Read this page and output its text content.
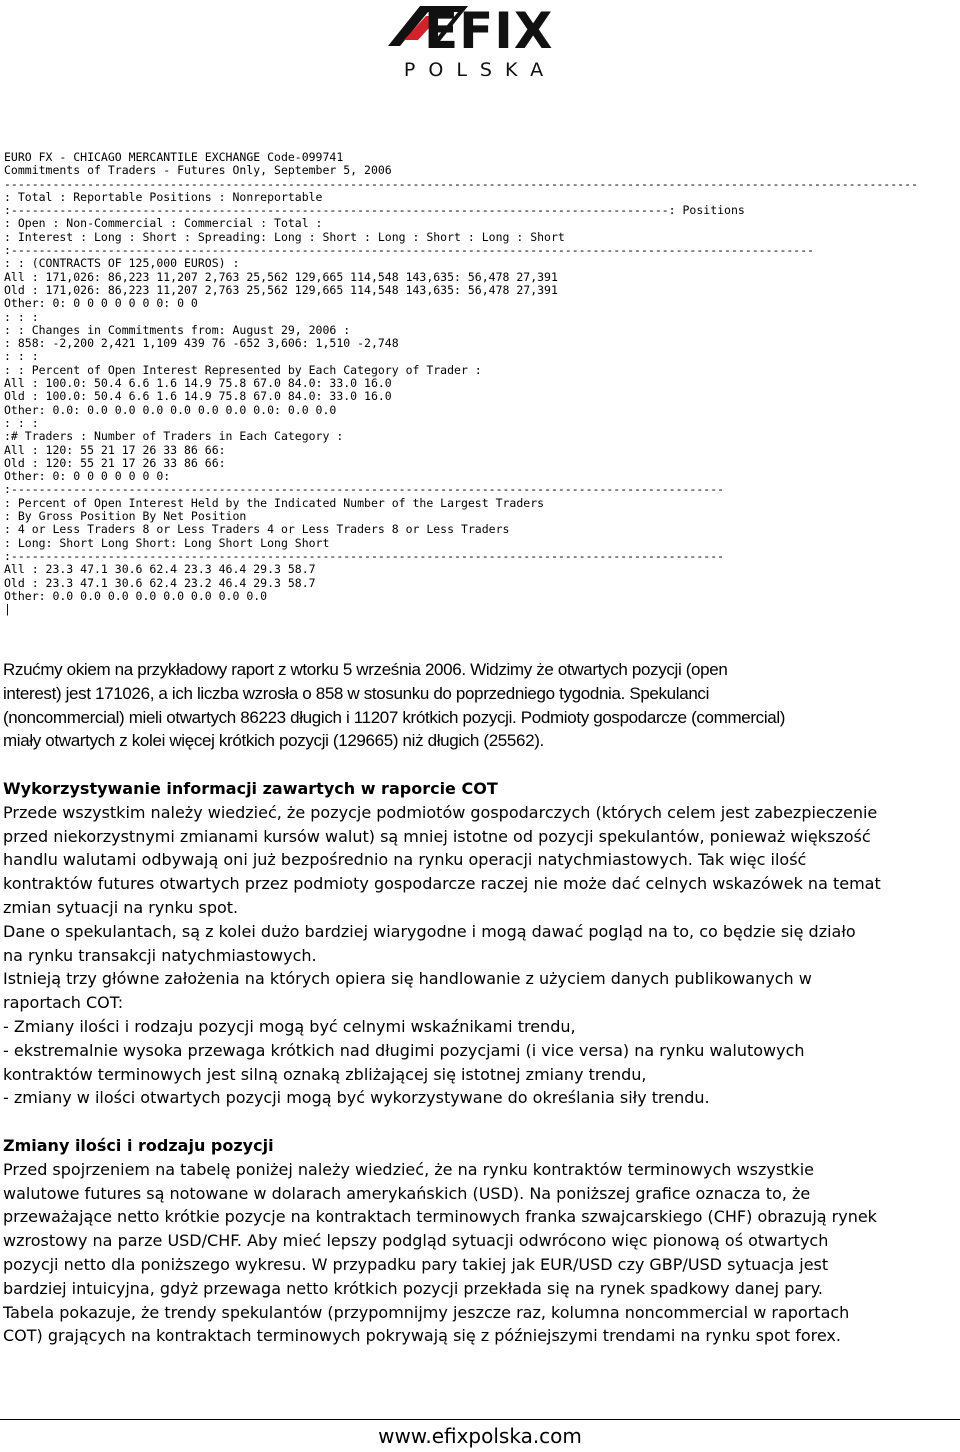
EFIX
POLSKA
EURO FX - CHICAGO MERCANTILE EXCHANGE Code-099741
Commitments of Traders - Futures Only, September 5, 2006
------------------------------------------------------------------------------------------------------------------------------------
: Total : Reportable Positions : Nonreportable
:-----------------------------------------------------------------------------------------------: Positions
: Open : Non-Commercial : Commercial : Total :
: Interest : Long : Short : Spreading: Long : Short : Long : Short : Long : Short
:--------------------------------------------------------------------------------------------------------------------
: : (CONTRACTS OF 125,000 EUROS) :
All : 171,026: 86,223 11,207 2,763 25,562 129,665 114,548 143,635: 56,478 27,391
Old : 171,026: 86,223 11,207 2,763 25,562 129,665 114,548 143,635: 56,478 27,391
Other: 0: 0 0 0 0 0 0 0: 0 0
: : :
: : Changes in Commitments from: August 29, 2006 :
: 858: -2,200 2,421 1,109 439 76 -652 3,606: 1,510 -2,748
: : :
: : Percent of Open Interest Represented by Each Category of Trader :
All : 100.0: 50.4 6.6 1.6 14.9 75.8 67.0 84.0: 33.0 16.0
Old : 100.0: 50.4 6.6 1.6 14.9 75.8 67.0 84.0: 33.0 16.0
Other: 0.0: 0.0 0.0 0.0 0.0 0.0 0.0 0.0: 0.0 0.0
: : :
:# Traders : Number of Traders in Each Category :
All : 120: 55 21 17 26 33 86 66:
Old : 120: 55 21 17 26 33 86 66:
Other: 0: 0 0 0 0 0 0 0:
:-------------------------------------------------------------------------------------------------------
: Percent of Open Interest Held by the Indicated Number of the Largest Traders
: By Gross Position By Net Position
: 4 or Less Traders 8 or Less Traders 4 or Less Traders 8 or Less Traders
: Long: Short Long Short: Long Short Long Short
:-------------------------------------------------------------------------------------------------------
All : 23.3 47.1 30.6 62.4 23.3 46.4 29.3 58.7
Old : 23.3 47.1 30.6 62.4 23.2 46.4 29.3 58.7
Other: 0.0 0.0 0.0 0.0 0.0 0.0 0.0 0.0
|
Rzućmy okiem na przykładowy raport z wtorku 5 września 2006. Widzimy że otwartych pozycji (open
interest) jest 171026, a ich liczba wzrosła o 858 w stosunku do poprzedniego tygodnia. Spekulanci
(noncommercial) mieli otwartych 86223 długich i 11207 krótkich pozycji. Podmioty gospodarcze (commercial)
miały otwartych z kolei więcej krótkich pozycji (129665) niż długich (25562).
Wykorzystywanie informacji zawartych w raporcie COT
Przede wszystkim należy wiedzieć, że pozycje podmiotów gospodarczych (których celem jest zabezpieczenie
przed niekorzystnymi zmianami kursów walut) są mniej istotne od pozycji spekulantów, ponieważ większość
handlu walutami odbywają oni już bezpośrednio na rynku operacji natychmiastowych. Tak więc ilość
kontraktów futures otwartych przez podmioty gospodarcze raczej nie może dać celnych wskazówek na temat
zmian sytuacji na rynku spot.
Dane o spekulantach, są z kolei dużo bardziej wiarygodne i mogą dawać pogląd na to, co będzie się działo
na rynku transakcji natychmiastowych.
Istnieją trzy główne założenia na których opiera się handlowanie z użyciem danych publikowanych w
raportach COT:
- Zmiany ilości i rodzaju pozycji mogą być celnymi wskaźnikami trendu,
- ekstremalnie wysoka przewaga krótkich nad długimi pozycjami (i vice versa) na rynku walutowych
kontraktów terminowych jest silną oznaką zbliżającej się istotnej zmiany trendu,
- zmiany w ilości otwartych pozycji mogą być wykorzystywane do określania siły trendu.
Zmiany ilości i rodzaju pozycji
Przed spojrzeniem na tabelę poniżej należy wiedzieć, że na rynku kontraktów terminowych wszystkie
walutowe futures są notowane w dolarach amerykańskich (USD). Na poniższej grafice oznacza to, że
przeważające netto krótkie pozycje na kontraktach terminowych franka szwajcarskiego (CHF) obrazują rynek
wzrostowy na parze USD/CHF. Aby mieć lepszy podgląd sytuacji odwrócono więc pionową oś otwartych
pozycji netto dla poniższego wykresu. W przypadku pary takiej jak EUR/USD czy GBP/USD sytuacja jest
bardziej intuicyjna, gdyż przewaga netto krótkich pozycji przekłada się na rynek spadkowy danej pary.
Tabela pokazuje, że trendy spekulantów (przypomnijmy jeszcze raz, kolumna noncommercial w raportach
COT) grających na kontraktach terminowych pokrywają się z późniejszymi trendami na rynku spot forex.
www.efixpolska.com
